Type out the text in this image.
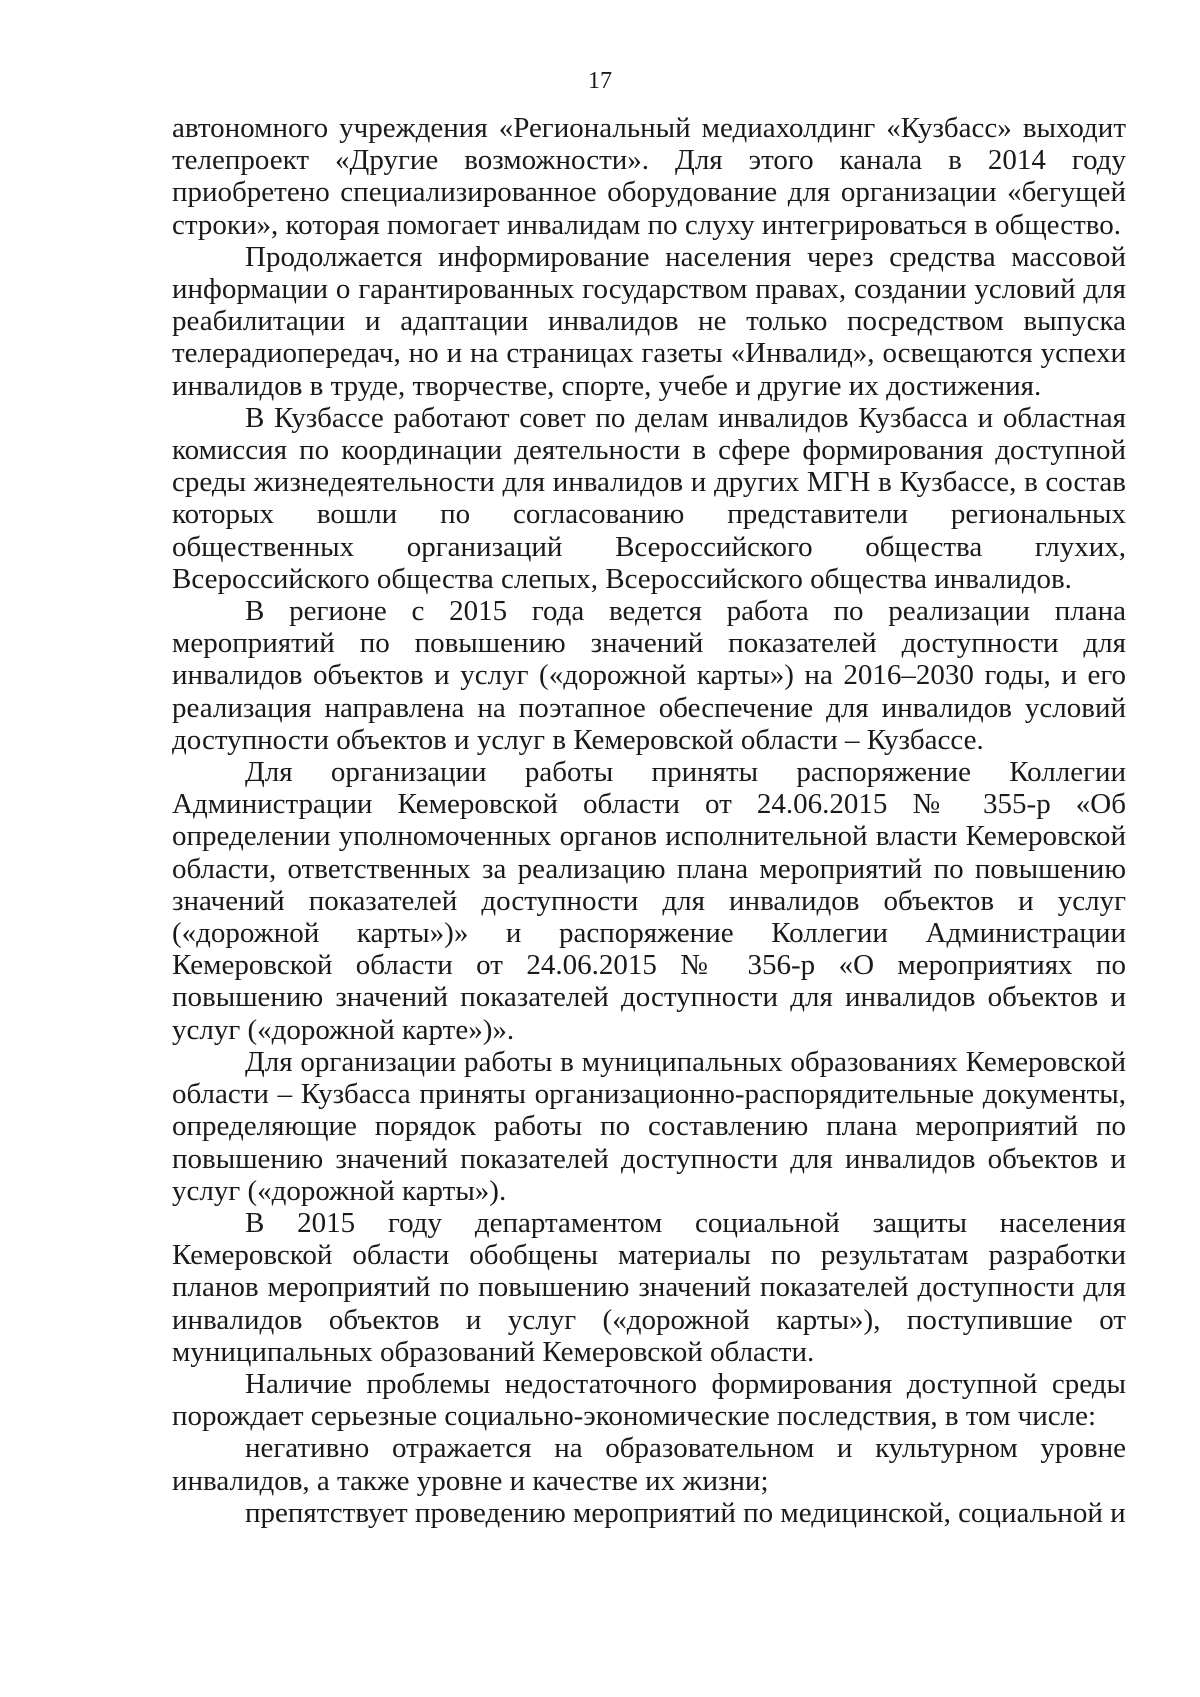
17

автономного учреждения «Региональный медиахолдинг «Кузбасс» выходит телепроект «Другие возможности». Для этого канала в 2014 году приобретено специализированное оборудование для организации «бегущей строки», которая помогает инвалидам по слуху интегрироваться в общество.

Продолжается информирование населения через средства массовой информации о гарантированных государством правах, создании условий для реабилитации и адаптации инвалидов не только посредством выпуска телерадиопередач, но и на страницах газеты «Инвалид», освещаются успехи инвалидов в труде, творчестве, спорте, учебе и другие их достижения.

В Кузбассе работают совет по делам инвалидов Кузбасса и областная комиссия по координации деятельности в сфере формирования доступной среды жизнедеятельности для инвалидов и других МГН в Кузбассе, в состав которых вошли по согласованию представители региональных общественных организаций Всероссийского общества глухих, Всероссийского общества слепых, Всероссийского общества инвалидов.

В регионе с 2015 года ведется работа по реализации плана мероприятий по повышению значений показателей доступности для инвалидов объектов и услуг («дорожной карты») на 2016–2030 годы, и его реализация направлена на поэтапное обеспечение для инвалидов условий доступности объектов и услуг в Кемеровской области – Кузбассе.

Для организации работы приняты распоряжение Коллегии Администрации Кемеровской области от 24.06.2015 № 355-р «Об определении уполномоченных органов исполнительной власти Кемеровской области, ответственных за реализацию плана мероприятий по повышению значений показателей доступности для инвалидов объектов и услуг («дорожной карты»)» и распоряжение Коллегии Администрации Кемеровской области от 24.06.2015 № 356-р «О мероприятиях по повышению значений показателей доступности для инвалидов объектов и услуг («дорожной карте»)».

Для организации работы в муниципальных образованиях Кемеровской области – Кузбасса приняты организационно-распорядительные документы, определяющие порядок работы по составлению плана мероприятий по повышению значений показателей доступности для инвалидов объектов и услуг («дорожной карты»).

В 2015 году департаментом социальной защиты населения Кемеровской области обобщены материалы по результатам разработки планов мероприятий по повышению значений показателей доступности для инвалидов объектов и услуг («дорожной карты»), поступившие от муниципальных образований Кемеровской области.

Наличие проблемы недостаточного формирования доступной среды порождает серьезные социально-экономические последствия, в том числе:

негативно отражается на образовательном и культурном уровне инвалидов, а также уровне и качестве их жизни;

препятствует проведению мероприятий по медицинской, социальной и
